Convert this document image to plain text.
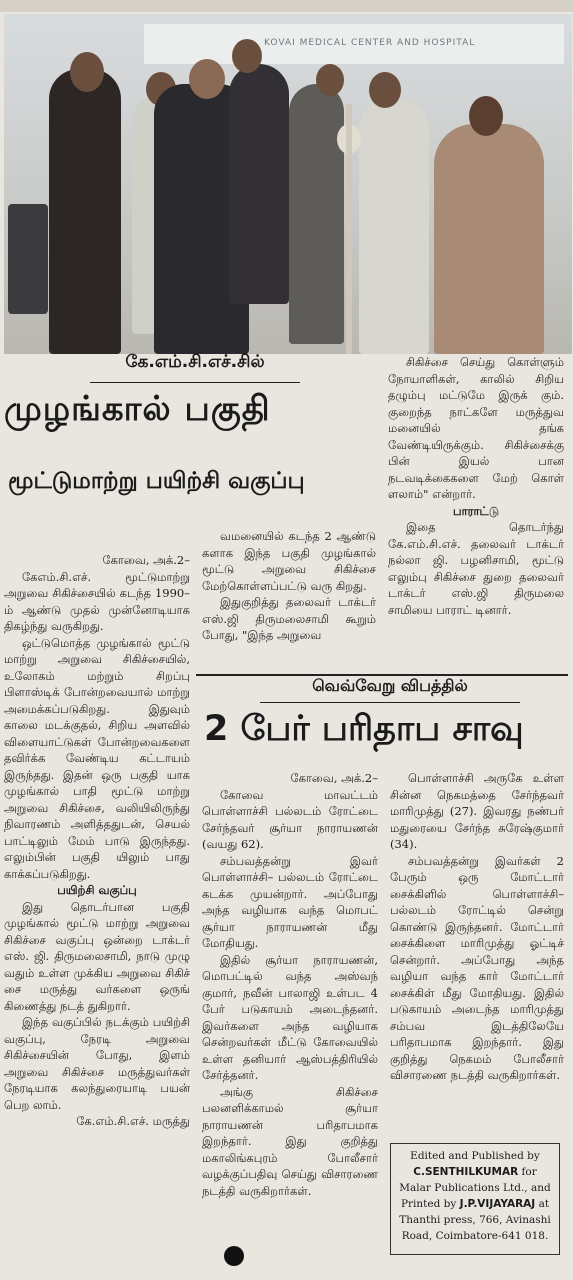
KOVAI MEDICAL CENTER AND HOSPITAL
கே.எம்.சி.எச்.சில்
முழங்கால் பகுதி
மூட்டுமாற்று பயிற்சி வகுப்பு

கோவை, அக்.2–

கேஎம்.சி.எச். மூட்டுமாற்று அறுவை சிகிச்சையில் கடந்த 1990–ம் ஆண்டு முதல் முன்னோடியாக திகழ்ந்து வருகிறது.

ஒட்டுமொத்த முழங்கால் மூட்டு மாற்று அறுவை சிகிச்சையில், உலோகம் மற்றும் சிறப்பு பிளாஸ்டிக் போன்றவையால் மாற்று அமைக்கப்படுகிறது. இதுவும் காலை மடக்குதல், சிறிய அளவில் விளையாட்டுகள் போன்றவைகளை தவிர்க்க வேண்டிய கட்டாயம் இருந்தது. இதன் ஒரு பகுதி யாக முழங்கால் பாதி மூட்டு மாற்று அறுவை சிகிச்சை, வலியிலிருந்து நிவாரணம் அளித்ததுடன், செயல் பாட்டிலும் மேம் பாடு இருந்தது. எலும்பின் பகுதி யிலும் பாது காக்கப்படுகிறது.

பயிற்சி வகுப்பு

இது தொடர்பான பகுதி முழங்கால் மூட்டு மாற்று அறுவை சிகிச்சை வகுப்பு ஒன்றை டாக்டர் எஸ். ஜி. திருமலைசாமி, நாடு முழு வதும் உள்ள முக்கிய அறுவை சிகிச் சை மருத்து வர்களை ஒருங் கிணைத்து நடத் துகிறார்.

இந்த வகுப்பில் நடக்கும் பயிற்சி வகுப்பு, நேரடி அறுவை சிகிச்சையின் போது, இளம் அறுவை சிகிச்சை மருத்துவர்கள் நேரடியாக கலந்துரையாடி பயன் பெற லாம்.

கே.எம்.சி.எச். மருத்து

வமனையில் கடந்த 2 ஆண்டு களாக இந்த பகுதி முழங்கால் மூட்டு அறுவை சிகிச்சை மேற்கொள்ளப்பட்டு வரு கிறது.

இதுகுறித்து தலைவர் டாக்டர் எஸ்.ஜி திருமலைசாமி கூறும் போது, "இந்த அறுவை

சிகிச்சை செய்து கொள்ளும் நோயாளிகள், காலில் சிறிய தழும்பு மட்டுமே இருக் கும். குறைந்த நாட்களே மருத்துவ மனையில் தங்க வேண்டியிருக்கும். சிகிச்சைக்கு பின் இயல் பான நடவடிக்கைகளை மேற் கொள் ளலாம்" என்றார்.

பாராட்டு

இதை தொடர்ந்து கே.எம்.சி.எச். தலைவர் டாக்டர் நல்லா ஜி. பழனிசாமி, மூட்டு எலும்பு சிகிச்சை துறை தலைவர் டாக்டர் எஸ்.ஜி திருமலை சாமியை பாராட் டினார்.

வெவ்வேறு விபத்தில்
2 பேர் பரிதாப சாவு

கோவை, அக்.2–

கோவை மாவட்டம் பொள்ளாச்சி பல்லடம் ரோட்டை சேர்ந்தவர் சூர்யா நாராயணன் (வயது 62).

சம்பவத்தன்று இவர் பொள்ளாச்சி– பல்லடம் ரோட்டை கடக்க முயன்றார். அப்போது அந்த வழியாக வந்த மொபட் சூர்யா நாராயணன் மீது மோதியது.

இதில் சூர்யா நாராயணன், மொபட்டில் வந்த அஸ்வந் குமார், நவீன் பாலாஜி உள்பட 4 பேர் படுகாயம் அடைந்தனர். இவர்களை அந்த வழியாக சென்றவர்கள் மீட்டு கோவையில் உள்ள தனியார் ஆஸ்பத்திரியில் சேர்த்தனர்.

அங்கு சிகிச்சை பலனளிக்காமல் சூர்யா நாராயணன் பரிதாபமாக இறந்தார். இது குறித்து மகாலிங்கபுரம் போலீசார் வழக்குப்பதிவு செய்து விசாரணை நடத்தி வருகிறார்கள்.

பொள்ளாச்சி அருகே உள்ள சின்ன நெகமத்தை சேர்ந்தவர் மாரிமுத்து (27). இவரது நண்பர் மதுரையை சேர்ந்த சுரேஷ்குமார் (34).

சம்பவத்தன்று இவர்கள் 2 பேரும் ஒரு மோட்டார் சைக்கிளில் பொள்ளாச்சி– பல்லடம் ரோட்டில் சென்று கொண்டு இருந்தனர். மோட்டார் சைக்கிளை மாரிமுத்து ஓட்டிச் சென்றார். அப்போது அந்த வழியா வந்த கார் மோட்டார் சைக்கிள் மீது மோதியது. இதில் படுகாயம் அடைந்த மாரிமுத்து சம்பவ இடத்திலேயே பரிதாபமாக இறந்தார். இது குறித்து நெகமம் போலீசார் விசாரணை நடத்தி வருகிறார்கள்.

Edited and Published by
C.SENTHILKUMAR for Malar Publications Ltd., and Printed by J.P.VIJAYARAJ at Thanthi press, 766, Avinashi Road, Coimbatore-641 018.
